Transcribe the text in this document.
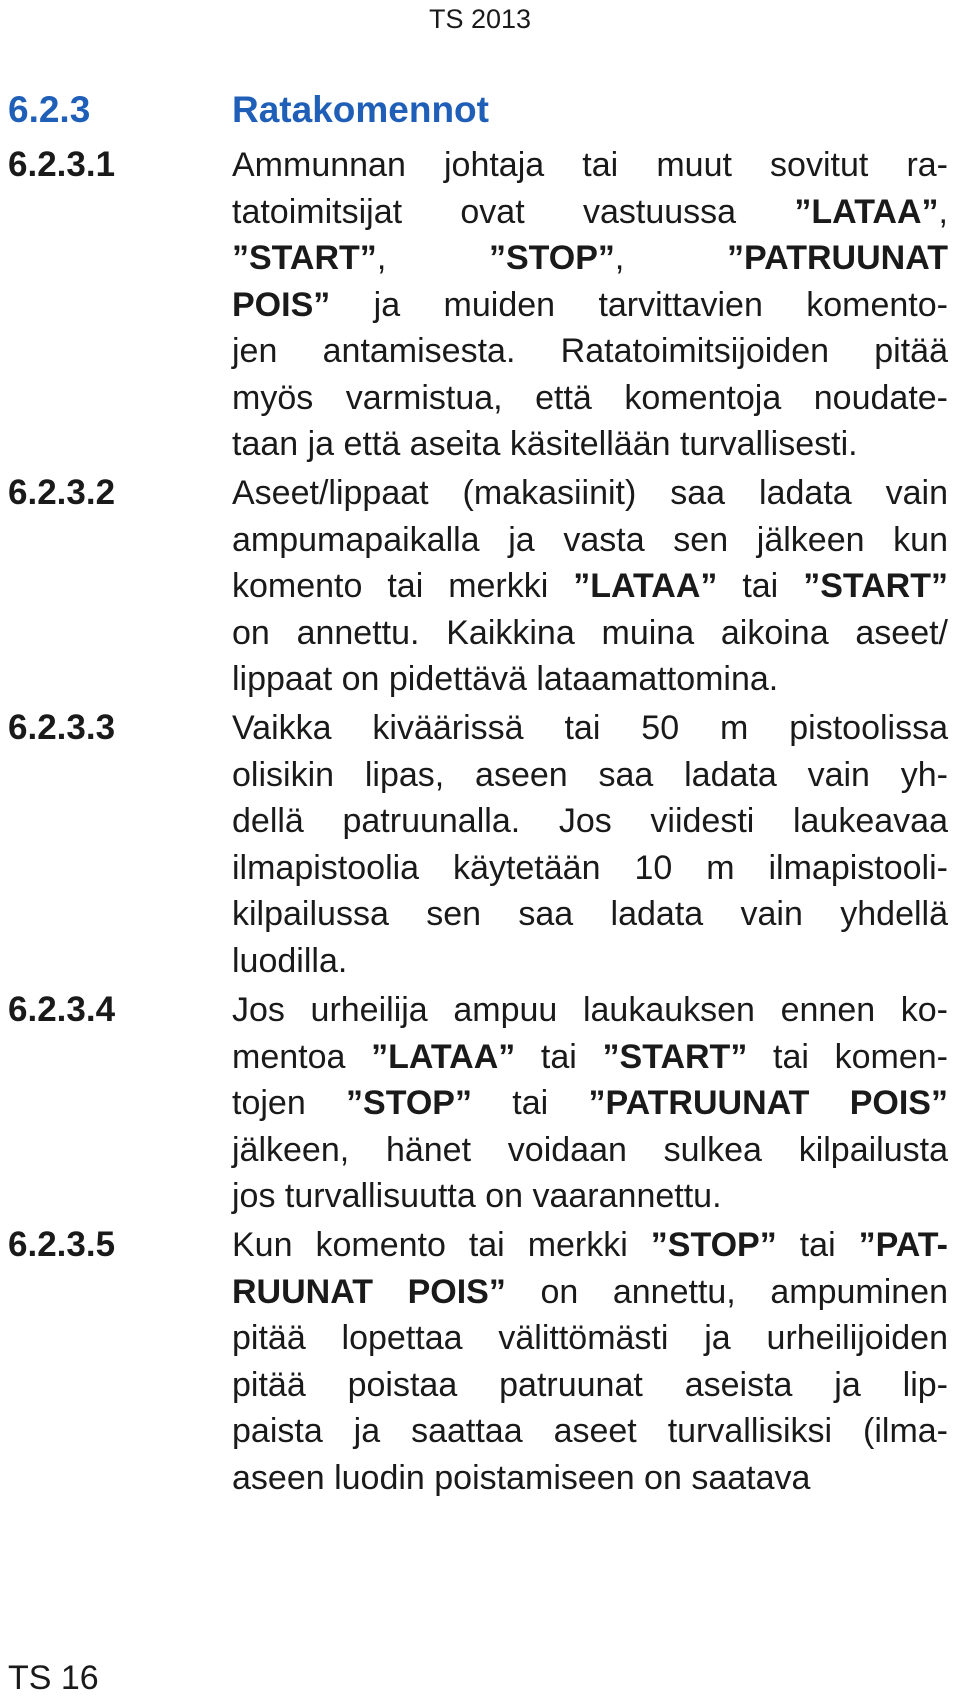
TS 2013
6.2.3	Ratakomennot
6.2.3.1	Ammunnan johtaja tai muut sovitut ra-
tatoimitsijat ovat vastuussa ”LATAA”,
”START”, ”STOP”, ”PATRUUNAT
POIS” ja muiden tarvittavien komento-
jen antamisesta. Ratatoimitsijoiden pitää
myös varmistua, että komentoja noudate-
taan ja että aseita käsitellään turvallisesti.
6.2.3.2	Aseet/lippaat (makasiinit) saa ladata vain
ampumapaikalla ja vasta sen jälkeen kun
komento tai merkki ”LATAA” tai ”START”
on annettu. Kaikkina muina aikoina aseet/
lippaat on pidettävä lataamattomina.
6.2.3.3	Vaikka kiväärissä tai 50 m pistoolissa
olisikin lipas, aseen saa ladata vain yh-
dellä patruunalla. Jos viidesti laukeavaa
ilmapistoolia käytetään 10 m ilmapistooli-
kilpailussa sen saa ladata vain yhdellä
luodilla.
6.2.3.4	Jos urheilija ampuu laukauksen ennen ko-
mentoa ”LATAA” tai ”START” tai komen-
tojen ”STOP” tai ”PATRUUNAT POIS”
jälkeen, hänet voidaan sulkea kilpailusta
jos turvallisuutta on vaarannettu.
6.2.3.5	Kun komento tai merkki ”STOP” tai ”PAT-
RUUNAT POIS” on annettu, ampuminen
pitää lopettaa välittömästi ja urheilijoiden
pitää poistaa patruunat aseista ja lip-
paista ja saattaa aseet turvallisiksi (ilma-
aseen luodin poistamiseen on saatava
TS 16
